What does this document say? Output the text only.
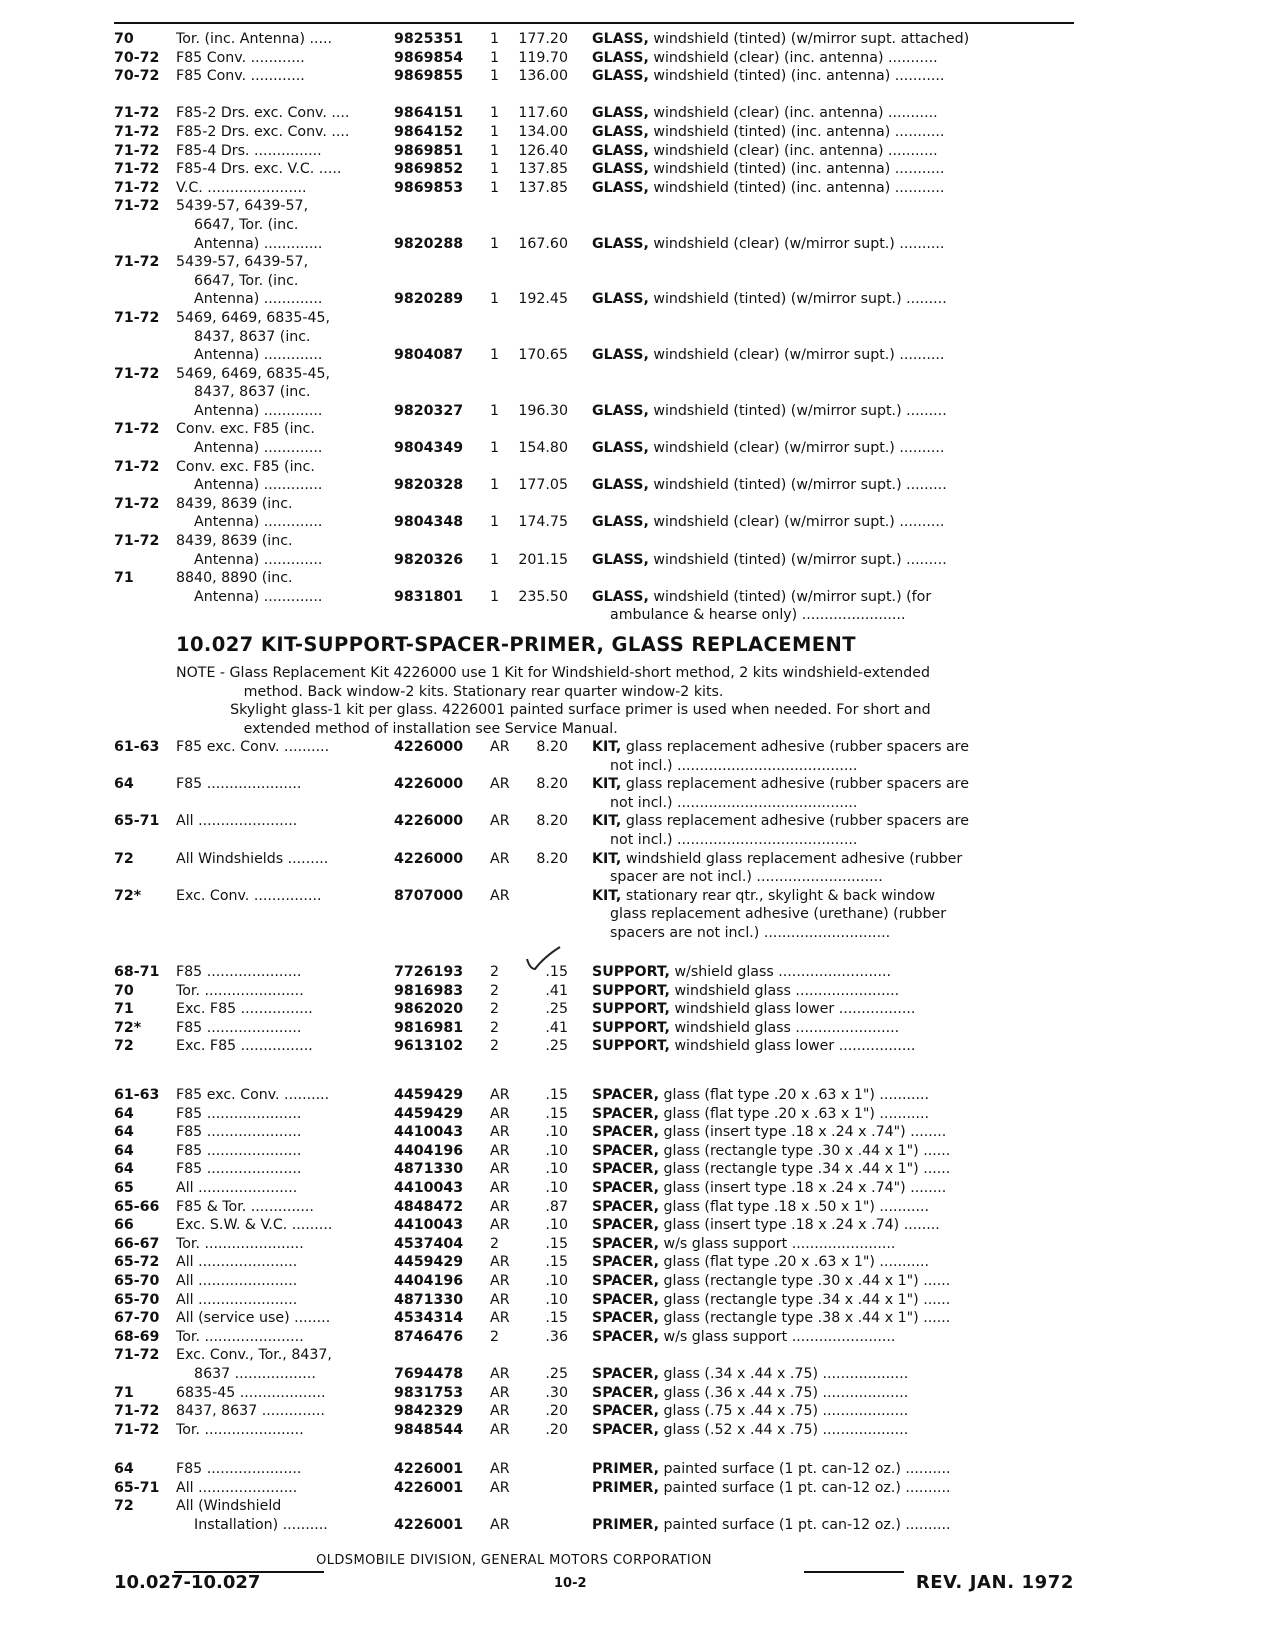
70	Tor. (inc. Antenna) .....	9825351	1	177.20	GLASS, windshield (tinted) (w/mirror supt. attached)
70-72	F85 Conv. ............	9869854	1	119.70	GLASS, windshield (clear) (inc. antenna) ...........
70-72	F85 Conv. ............	9869855	1	136.00	GLASS, windshield (tinted) (inc. antenna) ...........
71-72	F85-2 Drs. exc. Conv. ....	9864151	1	117.60	GLASS, windshield (clear) (inc. antenna) ...........
71-72	F85-2 Drs. exc. Conv. ....	9864152	1	134.00	GLASS, windshield (tinted) (inc. antenna) ...........
71-72	F85-4 Drs. ...............	9869851	1	126.40	GLASS, windshield (clear) (inc. antenna) ...........
71-72	F85-4 Drs. exc. V.C. .....	9869852	1	137.85	GLASS, windshield (tinted) (inc. antenna) ...........
71-72	V.C. ......................	9869853	1	137.85	GLASS, windshield (tinted) (inc. antenna) ...........
71-72	5439-57, 6439-57,
6647, Tor. (inc.
Antenna) .............	9820288	1	167.60	GLASS, windshield (clear) (w/mirror supt.) ..........
71-72	5439-57, 6439-57,
6647, Tor. (inc.
Antenna) .............	9820289	1	192.45	GLASS, windshield (tinted) (w/mirror supt.) .........
71-72	5469, 6469, 6835-45,
8437, 8637 (inc.
Antenna) .............	9804087	1	170.65	GLASS, windshield (clear) (w/mirror supt.) ..........
71-72	5469, 6469, 6835-45,
8437, 8637 (inc.
Antenna) .............	9820327	1	196.30	GLASS, windshield (tinted) (w/mirror supt.) .........
71-72	Conv. exc. F85 (inc.
Antenna) .............	9804349	1	154.80	GLASS, windshield (clear) (w/mirror supt.) ..........
71-72	Conv. exc. F85 (inc.
Antenna) .............	9820328	1	177.05	GLASS, windshield (tinted) (w/mirror supt.) .........
71-72	8439, 8639 (inc.
Antenna) .............	9804348	1	174.75	GLASS, windshield (clear) (w/mirror supt.) ..........
71-72	8439, 8639 (inc.
Antenna) .............	9820326	1	201.15	GLASS, windshield (tinted) (w/mirror supt.) .........
71	8840, 8890 (inc.
Antenna) .............	9831801	1	235.50	GLASS, windshield (tinted) (w/mirror supt.) (for
ambulance & hearse only) .......................
10.027 KIT-SUPPORT-SPACER-PRIMER, GLASS REPLACEMENT
NOTE - Glass Replacement Kit 4226000 use 1 Kit for Windshield-short method, 2 kits windshield-extended
method. Back window-2 kits. Stationary rear quarter window-2 kits.
Skylight glass-1 kit per glass. 4226001 painted surface primer is used when needed. For short and
extended method of installation see Service Manual.
61-63	F85 exc. Conv. ..........	4226000	AR	8.20	KIT, glass replacement adhesive (rubber spacers are
not incl.) ........................................
64	F85 .....................	4226000	AR	8.20	KIT, glass replacement adhesive (rubber spacers are
not incl.) ........................................
65-71	All ......................	4226000	AR	8.20	KIT, glass replacement adhesive (rubber spacers are
not incl.) ........................................
72	All Windshields .........	4226000	AR	8.20	KIT, windshield glass replacement adhesive (rubber
spacer are not incl.) ............................
72*	Exc. Conv. ...............	8707000	AR	KIT, stationary rear qtr., skylight & back window
glass replacement adhesive (urethane) (rubber
spacers are not incl.) ............................
68-71	F85 .....................	7726193	2	.15	SUPPORT, w/shield glass .........................
70	Tor. ......................	9816983	2	.41	SUPPORT, windshield glass .......................
71	Exc. F85 ................	9862020	2	.25	SUPPORT, windshield glass lower .................
72*	F85 .....................	9816981	2	.41	SUPPORT, windshield glass .......................
72	Exc. F85 ................	9613102	2	.25	SUPPORT, windshield glass lower .................
61-63	F85 exc. Conv. ..........	4459429	AR	.15	SPACER, glass (flat type .20 x .63 x 1") ...........
64	F85 .....................	4459429	AR	.15	SPACER, glass (flat type .20 x .63 x 1") ...........
64	F85 .....................	4410043	AR	.10	SPACER, glass (insert type .18 x .24 x .74") ........
64	F85 .....................	4404196	AR	.10	SPACER, glass (rectangle type .30 x .44 x 1") ......
64	F85 .....................	4871330	AR	.10	SPACER, glass (rectangle type .34 x .44 x 1") ......
65	All ......................	4410043	AR	.10	SPACER, glass (insert type .18 x .24 x .74") ........
65-66	F85 & Tor. ..............	4848472	AR	.87	SPACER, glass (flat type .18 x .50 x 1") ...........
66	Exc. S.W. & V.C. .........	4410043	AR	.10	SPACER, glass (insert type .18 x .24 x .74) ........
66-67	Tor. ......................	4537404	2	.15	SPACER, w/s glass support .......................
65-72	All ......................	4459429	AR	.15	SPACER, glass (flat type .20 x .63 x 1") ...........
65-70	All ......................	4404196	AR	.10	SPACER, glass (rectangle type .30 x .44 x 1") ......
65-70	All ......................	4871330	AR	.10	SPACER, glass (rectangle type .34 x .44 x 1") ......
67-70	All (service use) ........	4534314	AR	.15	SPACER, glass (rectangle type .38 x .44 x 1") ......
68-69	Tor. ......................	8746476	2	.36	SPACER, w/s glass support .......................
71-72	Exc. Conv., Tor., 8437,
8637 ..................	7694478	AR	.25	SPACER, glass (.34 x .44 x .75) ...................
71	6835-45 ...................	9831753	AR	.30	SPACER, glass (.36 x .44 x .75) ...................
71-72	8437, 8637 ..............	9842329	AR	.20	SPACER, glass (.75 x .44 x .75) ...................
71-72	Tor. ......................	9848544	AR	.20	SPACER, glass (.52 x .44 x .75) ...................
64	F85 .....................	4226001	AR	PRIMER, painted surface (1 pt. can-12 oz.) ..........
65-71	All ......................	4226001	AR	PRIMER, painted surface (1 pt. can-12 oz.) ..........
72	All (Windshield
Installation) ..........	4226001	AR	PRIMER, painted surface (1 pt. can-12 oz.) ..........
OLDSMOBILE DIVISION, GENERAL MOTORS CORPORATION
10.027-10.027	10-2	REV. JAN. 1972
